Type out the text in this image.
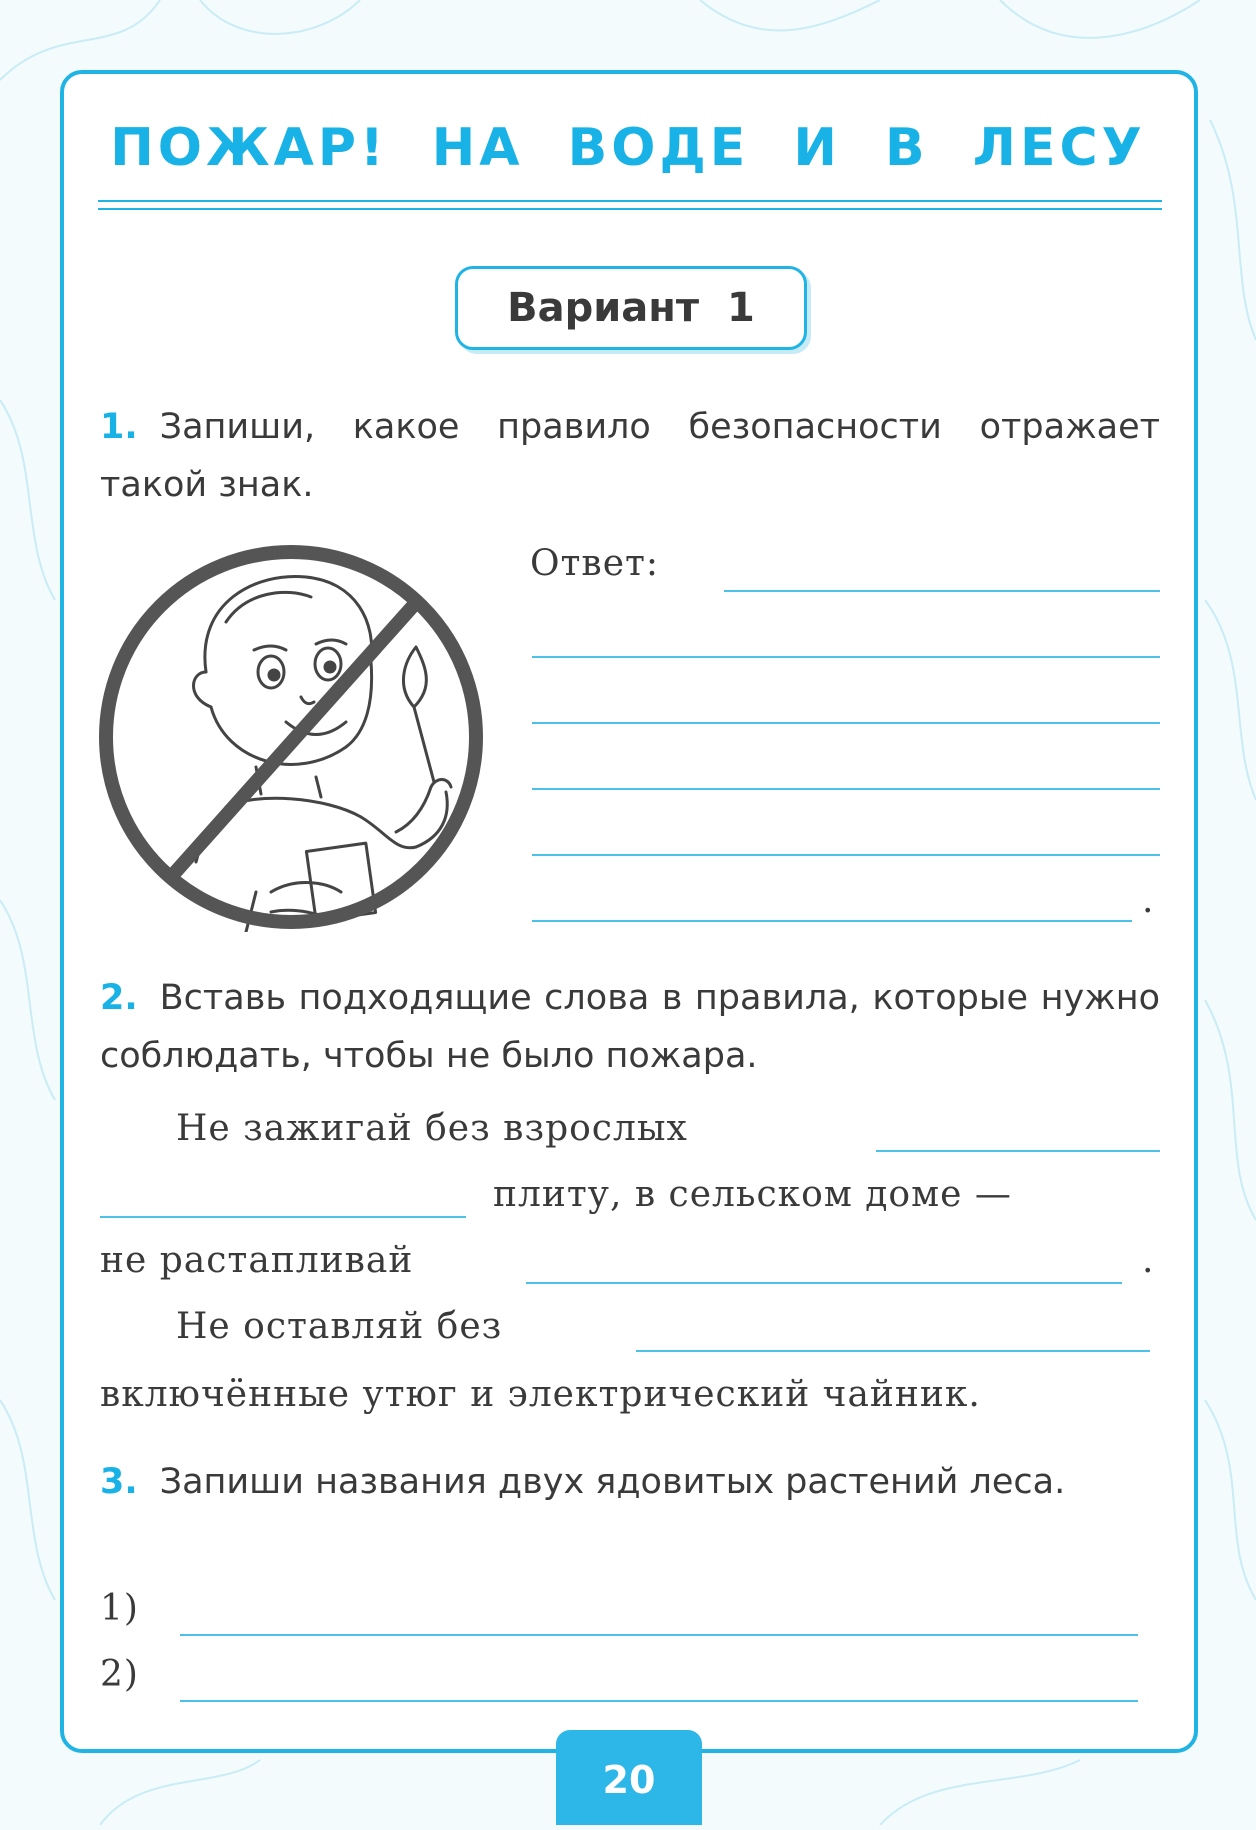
ПОЖАР! НА ВОДЕ И В ЛЕСУ
Вариант 1
1. Запиши, какое правило безопасности отражает такой знак.
Ответ:
.
2. Вставь подходящие слова в правила, которые нужно соблюдать, чтобы не было пожара.
Не зажигай без взрослых
плиту, в сельском доме —
не растапливай	.
Не оставляй без
включённые утюг и электрический чайник.
3. Запиши названия двух ядовитых растений леса.
1)
2)
20
